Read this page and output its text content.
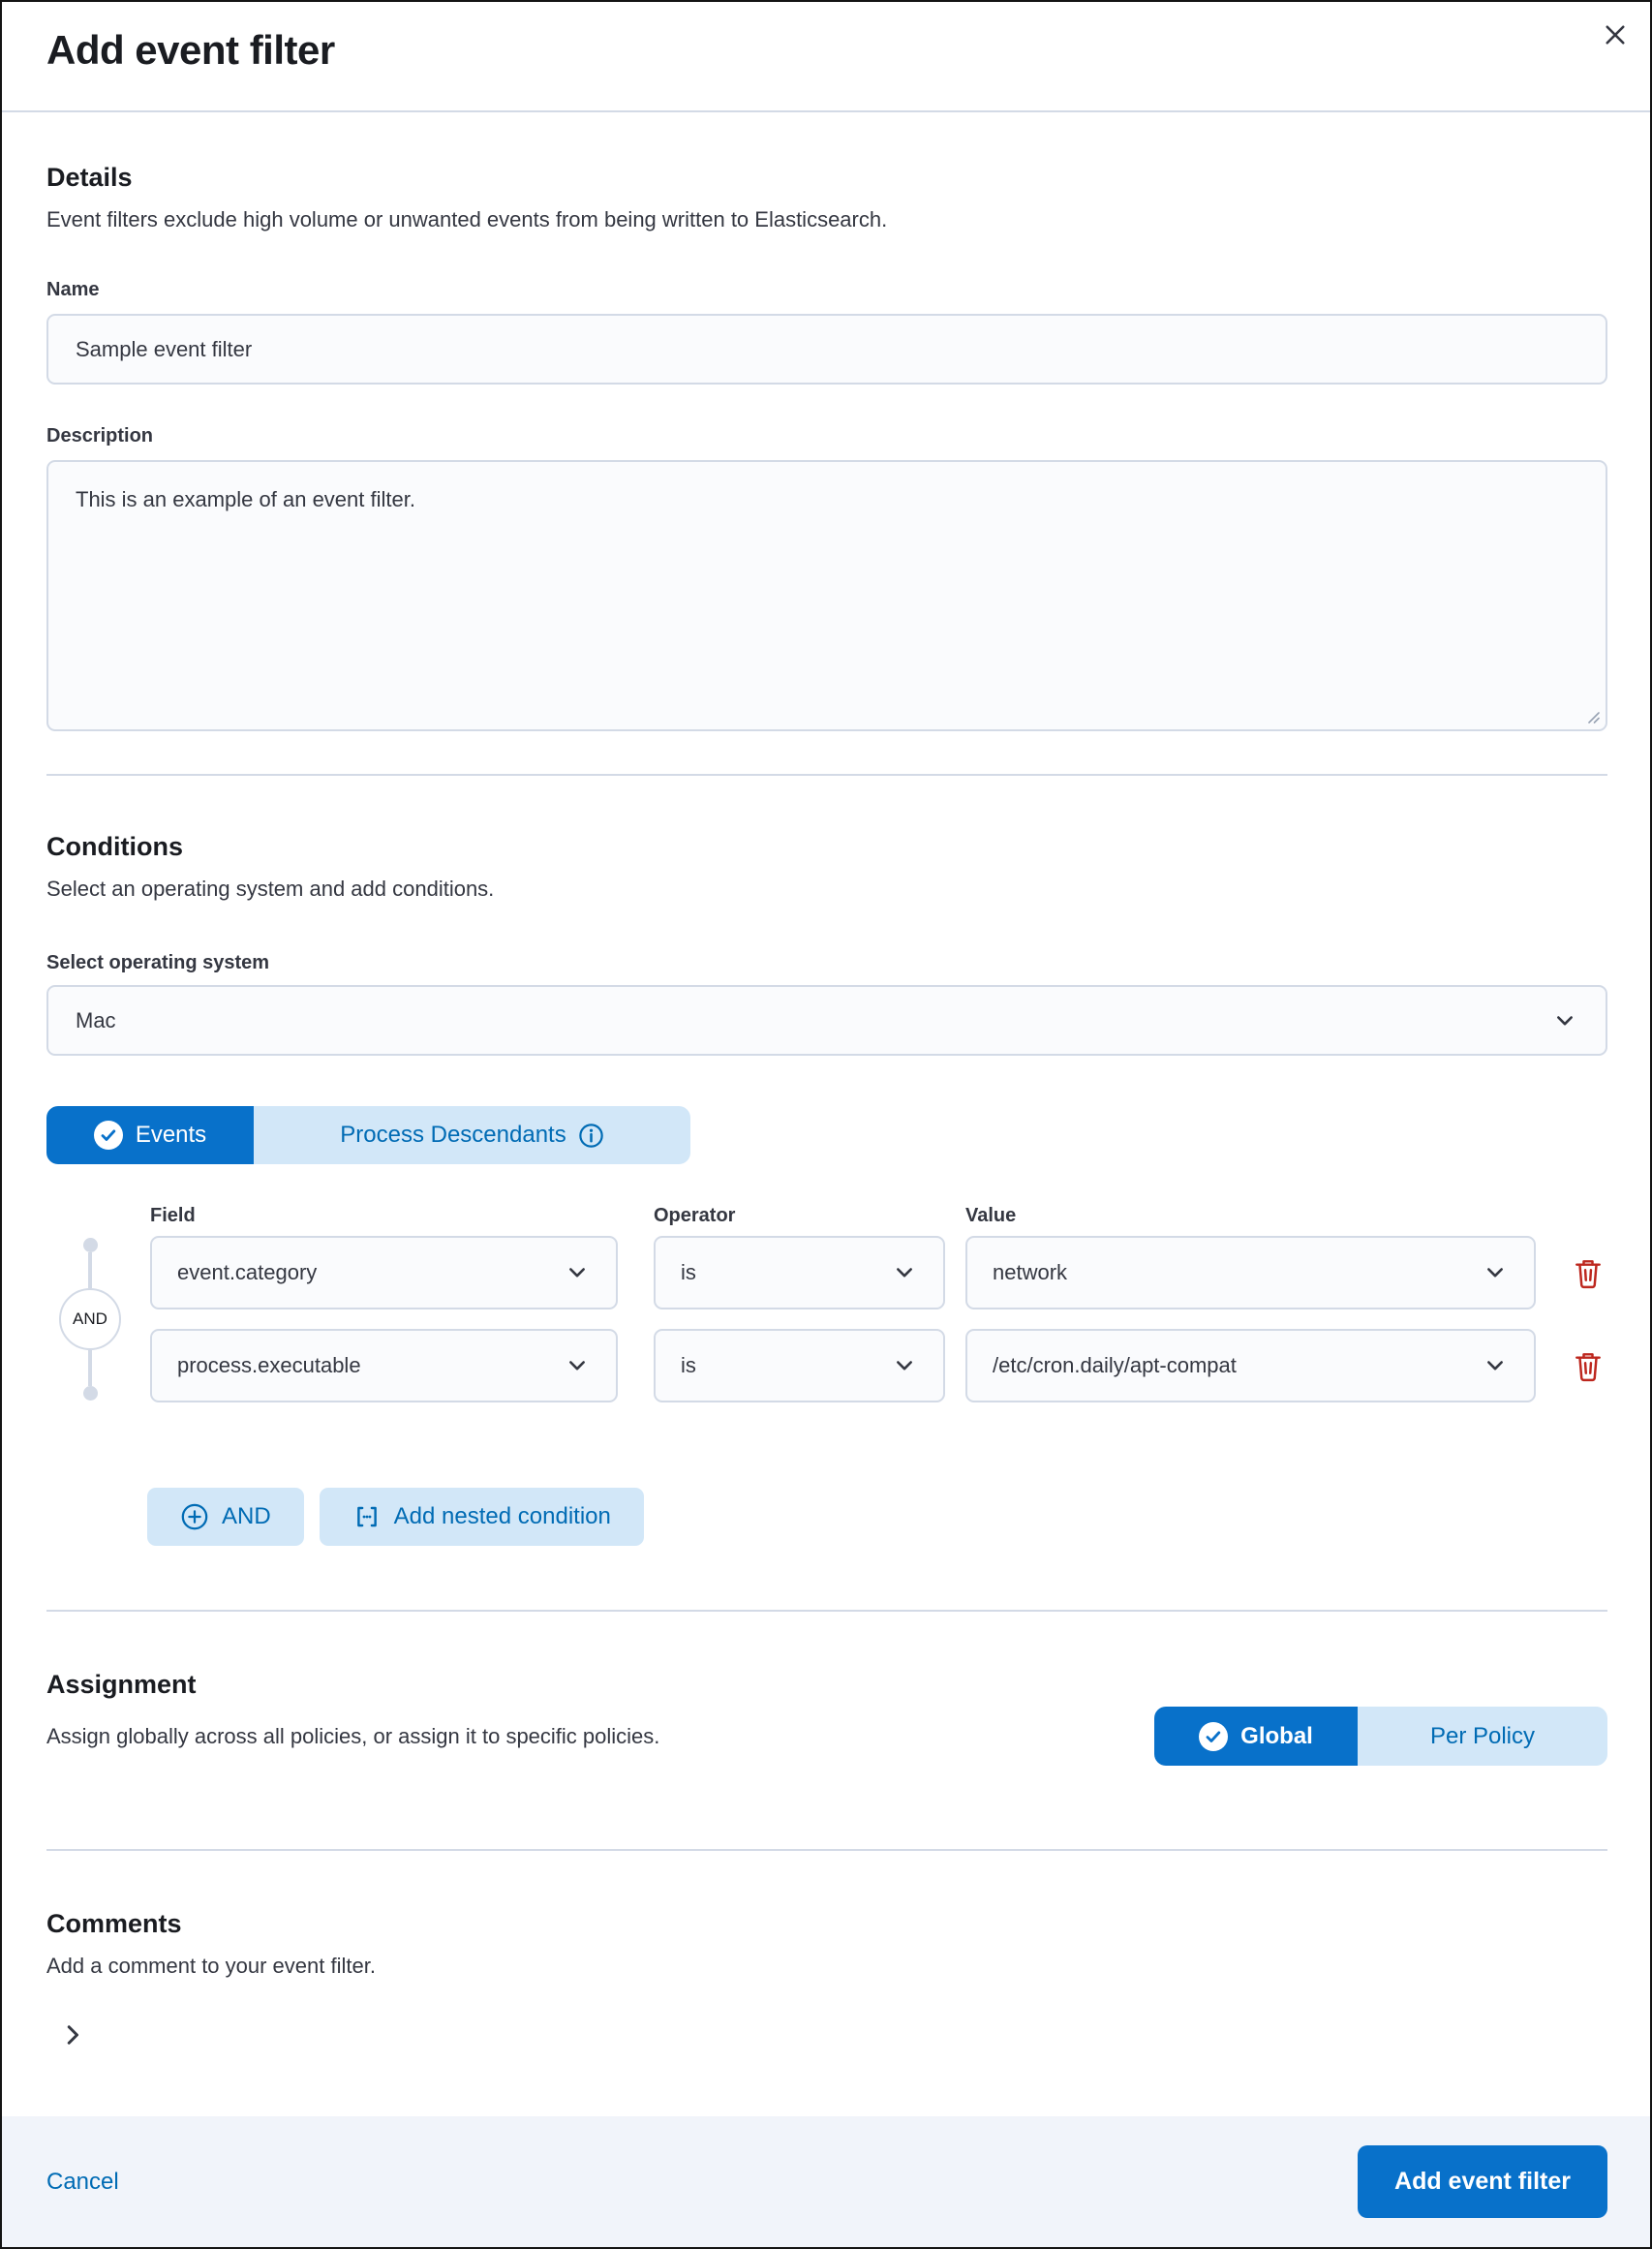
Add event filter
Details

Event filters exclude high volume or unwanted events from being written to Elasticsearch.

Name
Sample event filter
Description
This is an example of an event filter.
Conditions

Select an operating system and add conditions.

Select operating system
Mac
Events	Process Descendants
Field	Operator	Value
AND
event.category	is	network
process.executable	is	/etc/cron.daily/apt-compat
AND	Add nested condition
Assignment

Assign globally across all policies, or assign it to specific policies.	Global	Per Policy
Comments

Add a comment to your event filter.

Cancel	Add event filter
